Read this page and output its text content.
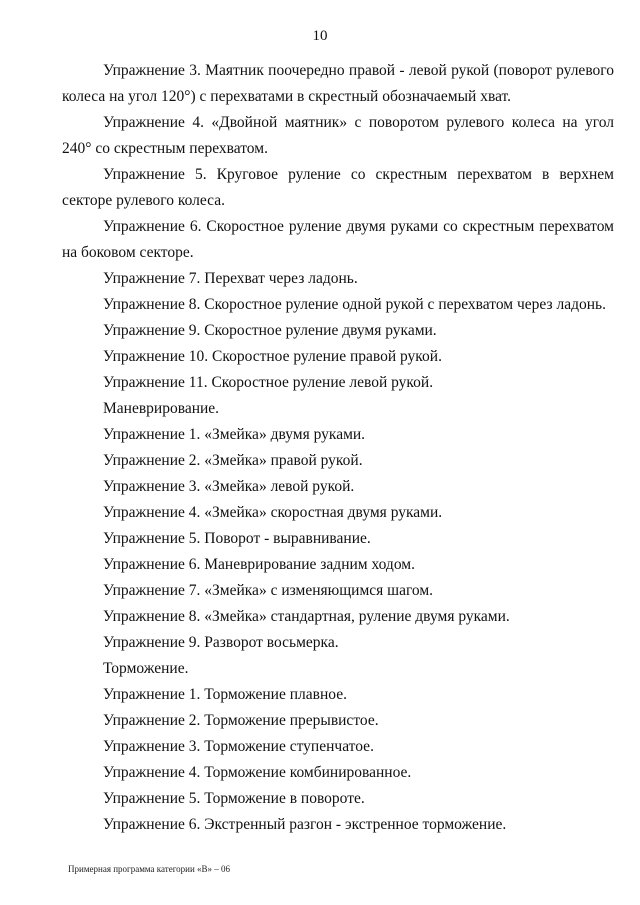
10

Упражнение 3. Маятник поочередно правой - левой рукой (поворот рулевого колеса на угол 120°) с перехватами в скрестный обозначаемый хват.

Упражнение 4. «Двойной маятник» с поворотом рулевого колеса на угол 240° со скрестным перехватом.

Упражнение 5. Круговое руление со скрестным перехватом в верхнем секторе рулевого колеса.

Упражнение 6. Скоростное руление двумя руками со скрестным перехватом на боковом секторе.

Упражнение 7. Перехват через ладонь.

Упражнение 8. Скоростное руление одной рукой с перехватом через ладонь.

Упражнение 9. Скоростное руление двумя руками.

Упражнение 10. Скоростное руление правой рукой.

Упражнение 11. Скоростное руление левой рукой.

Маневрирование.

Упражнение 1. «Змейка» двумя руками.

Упражнение 2. «Змейка» правой рукой.

Упражнение 3. «Змейка» левой рукой.

Упражнение 4. «Змейка» скоростная двумя руками.

Упражнение 5. Поворот - выравнивание.

Упражнение 6. Маневрирование задним ходом.

Упражнение 7. «Змейка» с изменяющимся шагом.

Упражнение 8. «Змейка» стандартная, руление двумя руками.

Упражнение 9. Разворот восьмерка.

Торможение.

Упражнение 1. Торможение плавное.

Упражнение 2. Торможение прерывистое.

Упражнение 3. Торможение ступенчатое.

Упражнение 4. Торможение комбинированное.

Упражнение 5. Торможение в повороте.

Упражнение 6. Экстренный разгон - экстренное торможение.

Примерная программа категории «В» – 06
